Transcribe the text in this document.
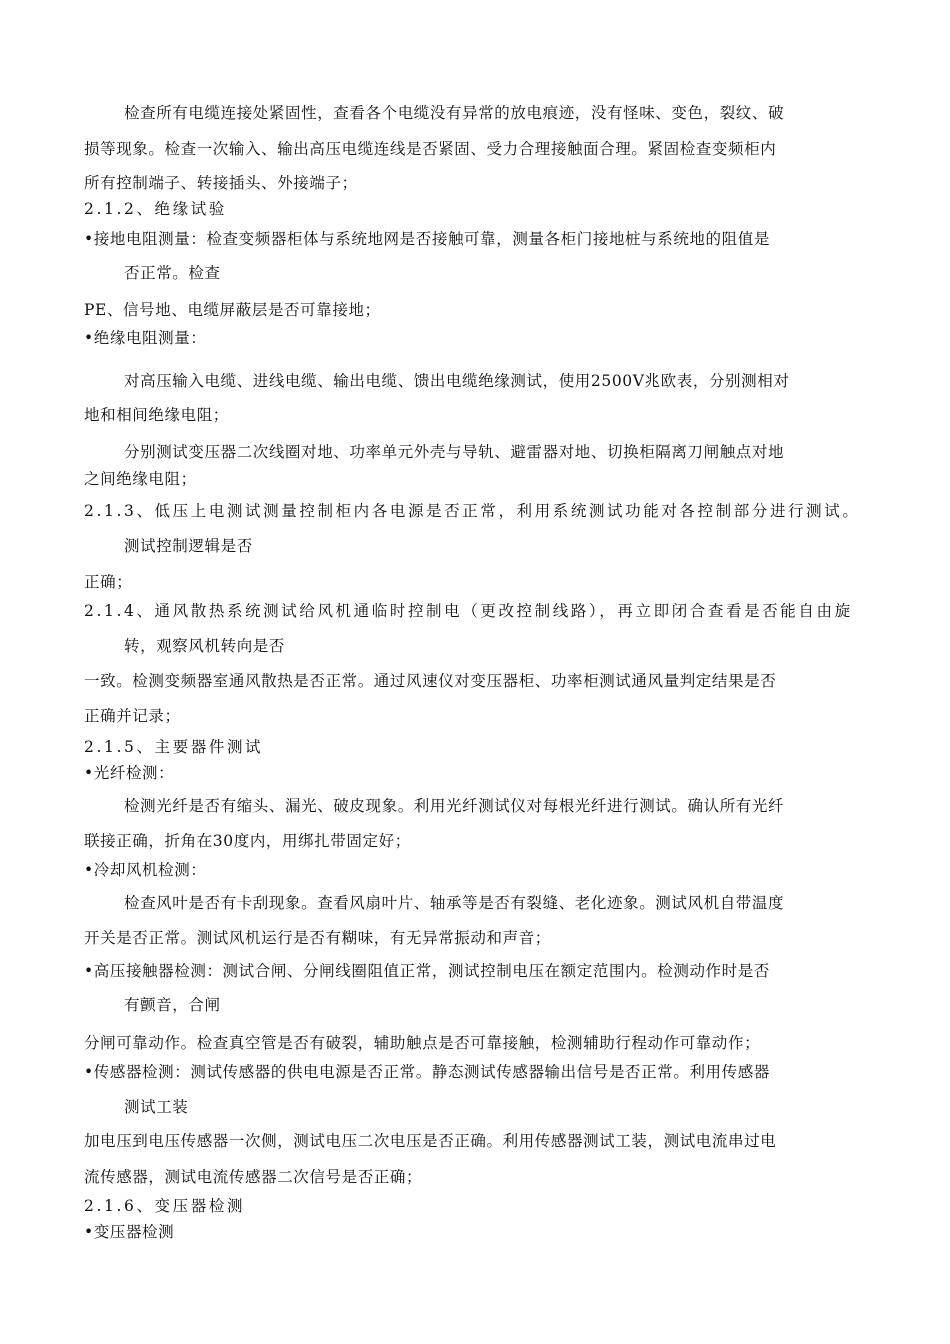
检查所有电缆连接处紧固性，查看各个电缆没有异常的放电痕迹，没有怪味、变色，裂纹、破
损等现象。检查一次输入、输出高压电缆连线是否紧固、受力合理接触面合理。紧固检查变频柜内
所有控制端子、转接插头、外接端子；
2.1.2、绝缘试验
•接地电阻测量：检查变频器柜体与系统地网是否接触可靠，测量各柜门接地桩与系统地的阻值是
否正常。检查
PE、信号地、电缆屏蔽层是否可靠接地；
•绝缘电阻测量：
对高压输入电缆、进线电缆、输出电缆、馈出电缆绝缘测试，使用2500V兆欧表，分别测相对
地和相间绝缘电阻；
分别测试变压器二次线圈对地、功率单元外壳与导轨、避雷器对地、切换柜隔离刀闸触点对地
之间绝缘电阻；
2.1.3、低压上电测试测量控制柜内各电源是否正常，利用系统测试功能对各控制部分进行测试。
测试控制逻辑是否
正确；
2.1.4、通风散热系统测试给风机通临时控制电（更改控制线路），再立即闭合查看是否能自由旋
转，观察风机转向是否
一致。检测变频器室通风散热是否正常。通过风速仪对变压器柜、功率柜测试通风量判定结果是否
正确并记录；
2.1.5、主要器件测试
•光纤检测：
检测光纤是否有缩头、漏光、破皮现象。利用光纤测试仪对每根光纤进行测试。确认所有光纤
联接正确，折角在30度内，用绑扎带固定好；
•冷却风机检测：
检查风叶是否有卡刮现象。查看风扇叶片、轴承等是否有裂缝、老化迹象。测试风机自带温度
开关是否正常。测试风机运行是否有糊味，有无异常振动和声音；
•高压接触器检测：测试合闸、分闸线圈阻值正常，测试控制电压在额定范围内。检测动作时是否
有颤音，合闸
分闸可靠动作。检查真空管是否有破裂，辅助触点是否可靠接触，检测辅助行程动作可靠动作；
•传感器检测：测试传感器的供电电源是否正常。静态测试传感器输出信号是否正常。利用传感器
测试工装
加电压到电压传感器一次侧，测试电压二次电压是否正确。利用传感器测试工装，测试电流串过电
流传感器，测试电流传感器二次信号是否正确；
2.1.6、变压器检测
•变压器检测
